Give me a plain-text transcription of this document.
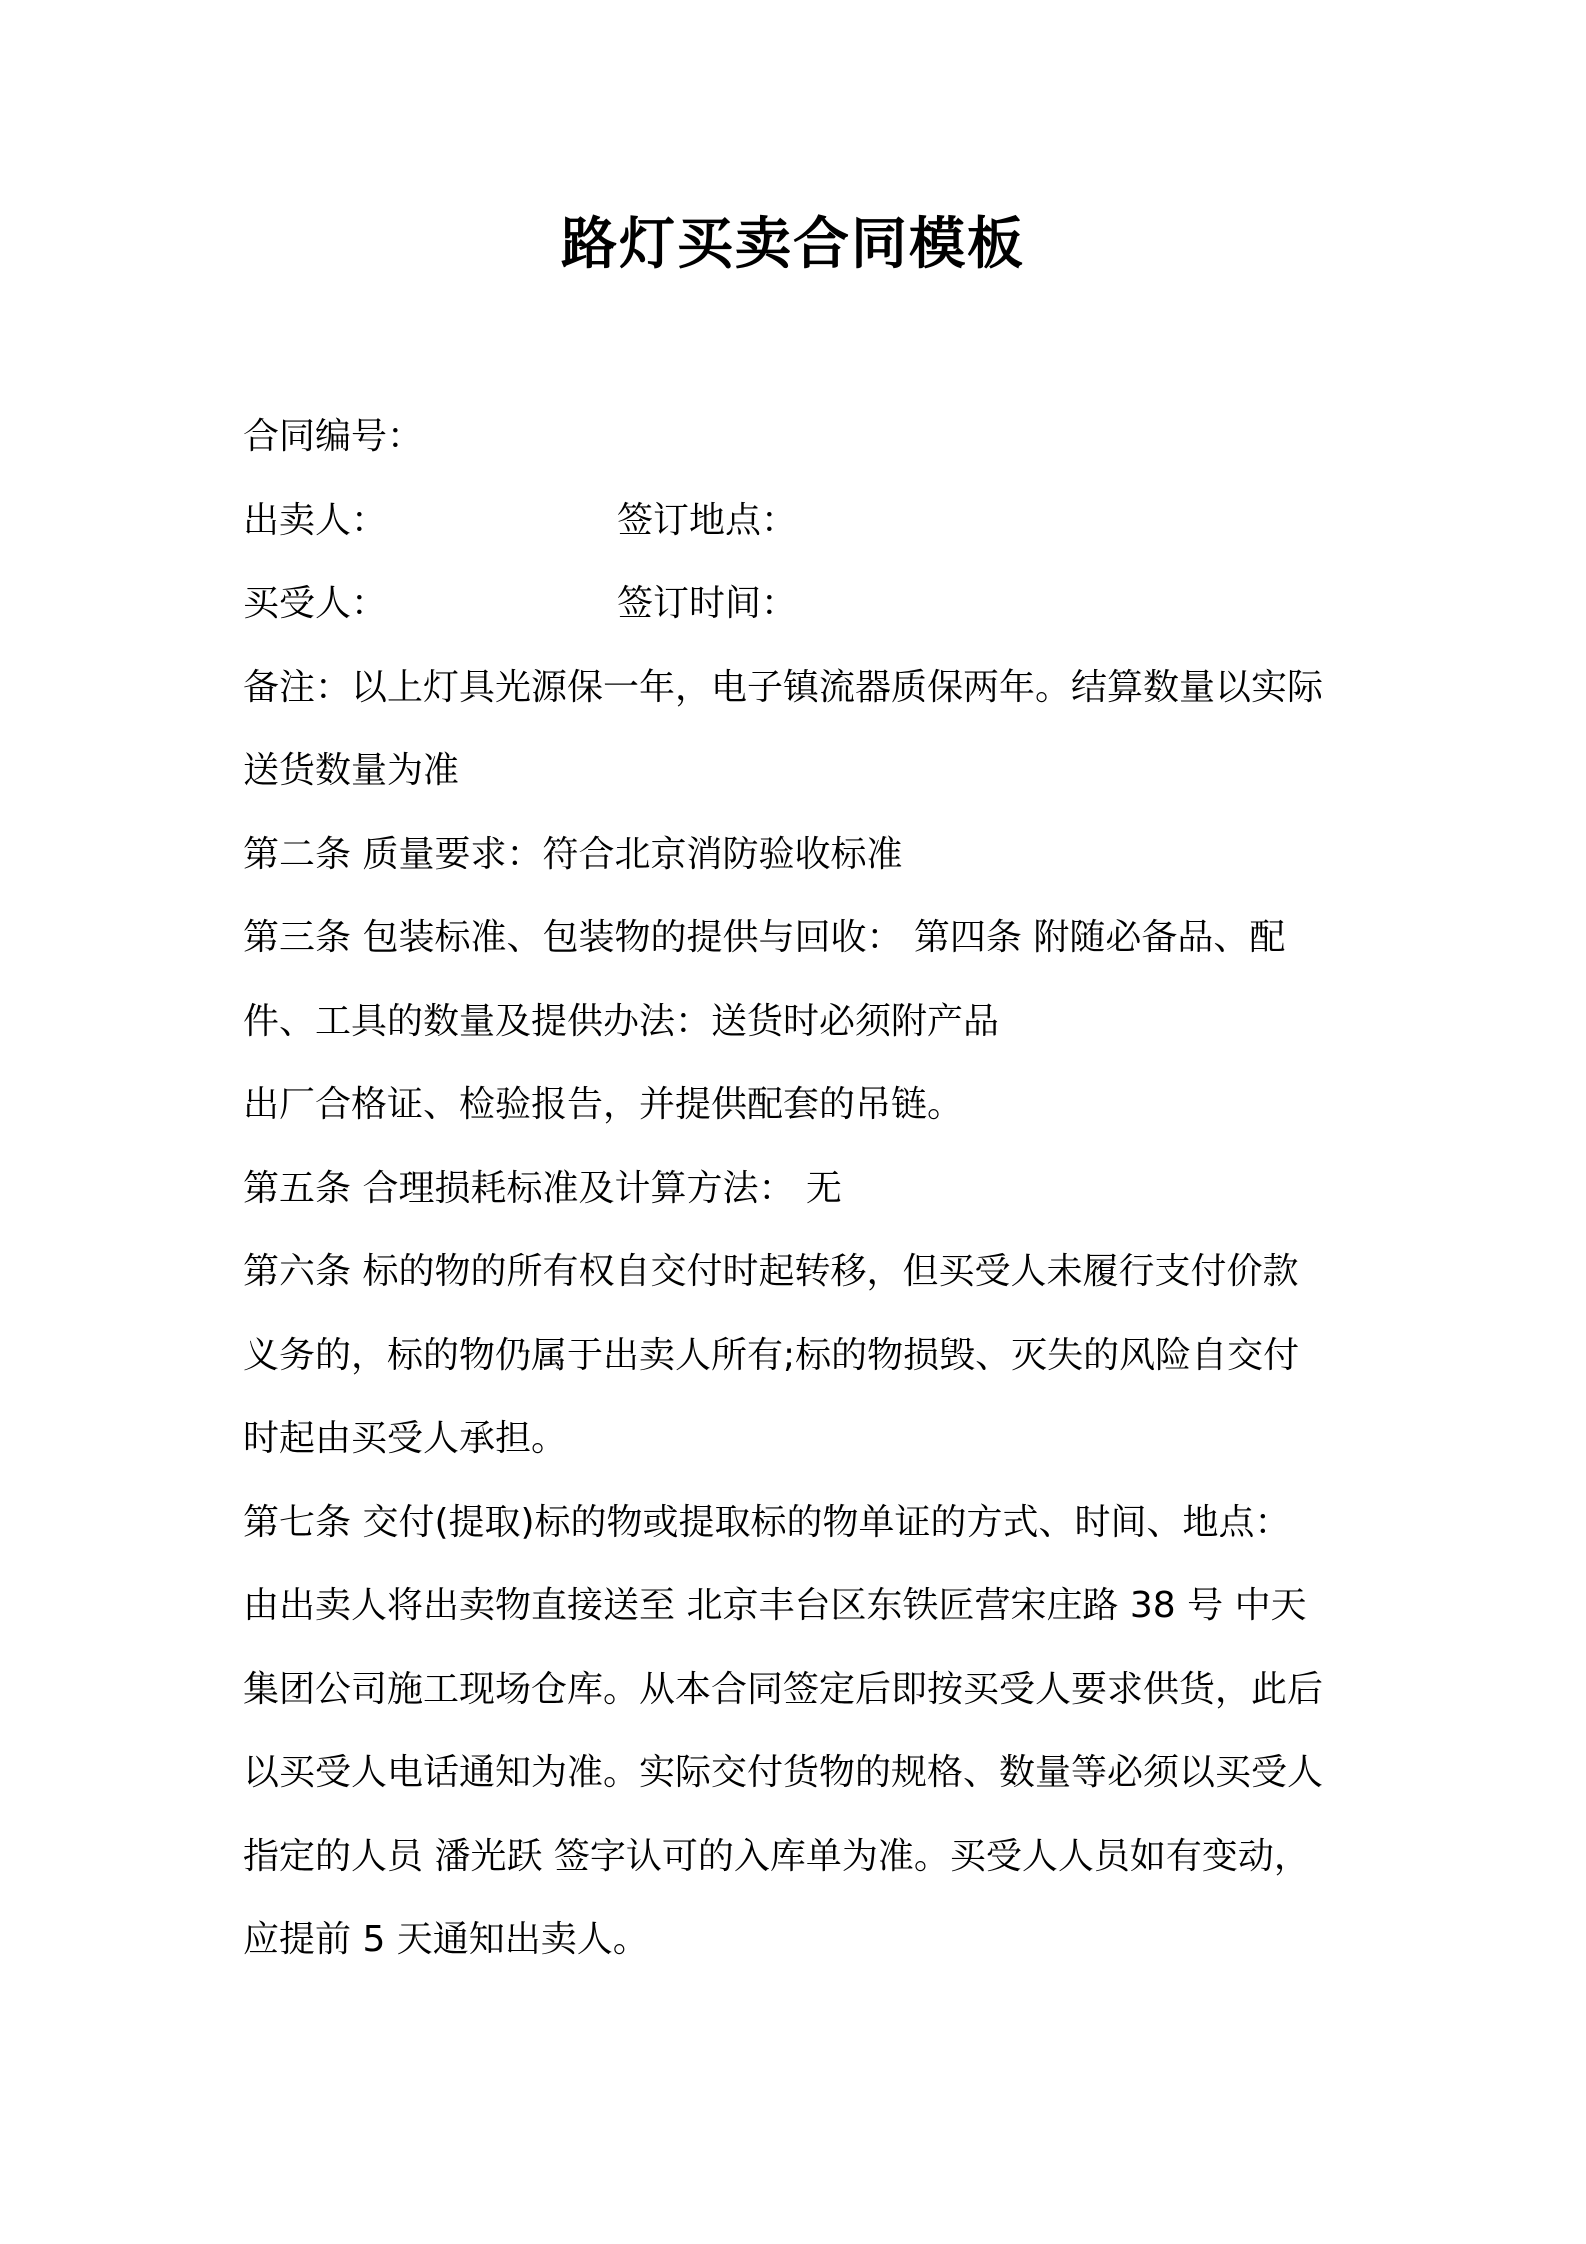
路灯买卖合同模板
合同编号：
出卖人：	签订地点：
买受人：	签订时间：
备注：以上灯具光源保一年，电子镇流器质保两年。结算数量以实际
送货数量为准
第二条 质量要求：符合北京消防验收标准
第三条 包装标准、包装物的提供与回收： 第四条 附随必备品、配
件、工具的数量及提供办法：送货时必须附产品
出厂合格证、检验报告，并提供配套的吊链。
第五条 合理损耗标准及计算方法： 无
第六条 标的物的所有权自交付时起转移，但买受人未履行支付价款
义务的，标的物仍属于出卖人所有;标的物损毁、灭失的风险自交付
时起由买受人承担。
第七条 交付(提取)标的物或提取标的物单证的方式、时间、地点：
由出卖人将出卖物直接送至 北京丰台区东铁匠营宋庄路 38 号 中天
集团公司施工现场仓库。从本合同签定后即按买受人要求供货，此后
以买受人电话通知为准。实际交付货物的规格、数量等必须以买受人
指定的人员 潘光跃 签字认可的入库单为准。买受人人员如有变动，
应提前 5 天通知出卖人。
